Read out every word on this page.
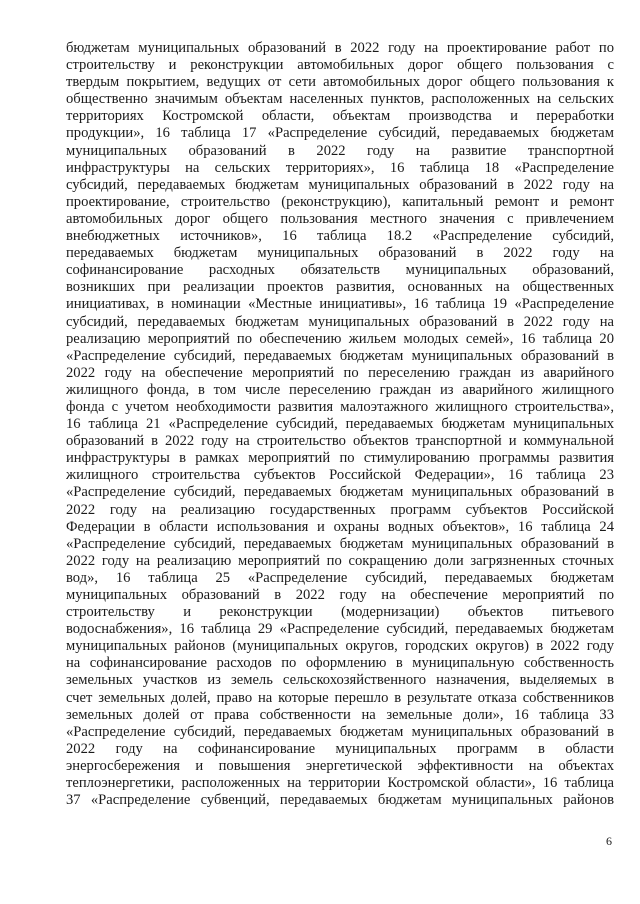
бюджетам муниципальных образований в 2022 году на проектирование работ по
строительству и реконструкции автомобильных дорог общего пользования с
твердым покрытием, ведущих от сети автомобильных дорог общего пользования к
общественно значимым объектам населенных пунктов, расположенных на сельских
территориях Костромской области, объектам производства и переработки
продукции», 16 таблица 17 «Распределение субсидий, передаваемых бюджетам
муниципальных образований в 2022 году на развитие транспортной
инфраструктуры на сельских территориях», 16 таблица 18 «Распределение
субсидий, передаваемых бюджетам муниципальных образований в 2022 году на
проектирование, строительство (реконструкцию), капитальный ремонт и ремонт
автомобильных дорог общего пользования местного значения с привлечением
внебюджетных источников», 16 таблица 18.2 «Распределение субсидий,
передаваемых бюджетам муниципальных образований в 2022 году на
софинансирование расходных обязательств муниципальных образований,
возникших при реализации проектов развития, основанных на общественных
инициативах, в номинации «Местные инициативы», 16 таблица 19 «Распределение
субсидий, передаваемых бюджетам муниципальных образований в 2022 году на
реализацию мероприятий по обеспечению жильем молодых семей», 16 таблица 20
«Распределение субсидий, передаваемых бюджетам муниципальных образований в
2022 году на обеспечение мероприятий по переселению граждан из аварийного
жилищного фонда, в том числе переселению граждан из аварийного жилищного
фонда с учетом необходимости развития малоэтажного жилищного строительства»,
16 таблица 21 «Распределение субсидий, передаваемых бюджетам муниципальных
образований в 2022 году на строительство объектов транспортной и коммунальной
инфраструктуры в рамках мероприятий по стимулированию программы развития
жилищного строительства субъектов Российской Федерации», 16 таблица 23
«Распределение субсидий, передаваемых бюджетам муниципальных образований в
2022 году на реализацию государственных программ субъектов Российской
Федерации в области использования и охраны водных объектов», 16 таблица 24
«Распределение субсидий, передаваемых бюджетам муниципальных образований в
2022 году на реализацию мероприятий по сокращению доли загрязненных сточных
вод», 16 таблица 25 «Распределение субсидий, передаваемых бюджетам
муниципальных образований в 2022 году на обеспечение мероприятий по
строительству и реконструкции (модернизации) объектов питьевого
водоснабжения», 16 таблица 29 «Распределение субсидий, передаваемых бюджетам
муниципальных районов (муниципальных округов, городских округов) в 2022 году
на софинансирование расходов по оформлению в муниципальную собственность
земельных участков из земель сельскохозяйственного назначения, выделяемых в
счет земельных долей, право на которые перешло в результате отказа собственников
земельных долей от права собственности на земельные доли», 16 таблица 33
«Распределение субсидий, передаваемых бюджетам муниципальных образований в
2022 году на софинансирование муниципальных программ в области
энергосбережения и повышения энергетической эффективности на объектах
теплоэнергетики, расположенных на территории Костромской области», 16 таблица
37 «Распределение субвенций, передаваемых бюджетам муниципальных районов
6
